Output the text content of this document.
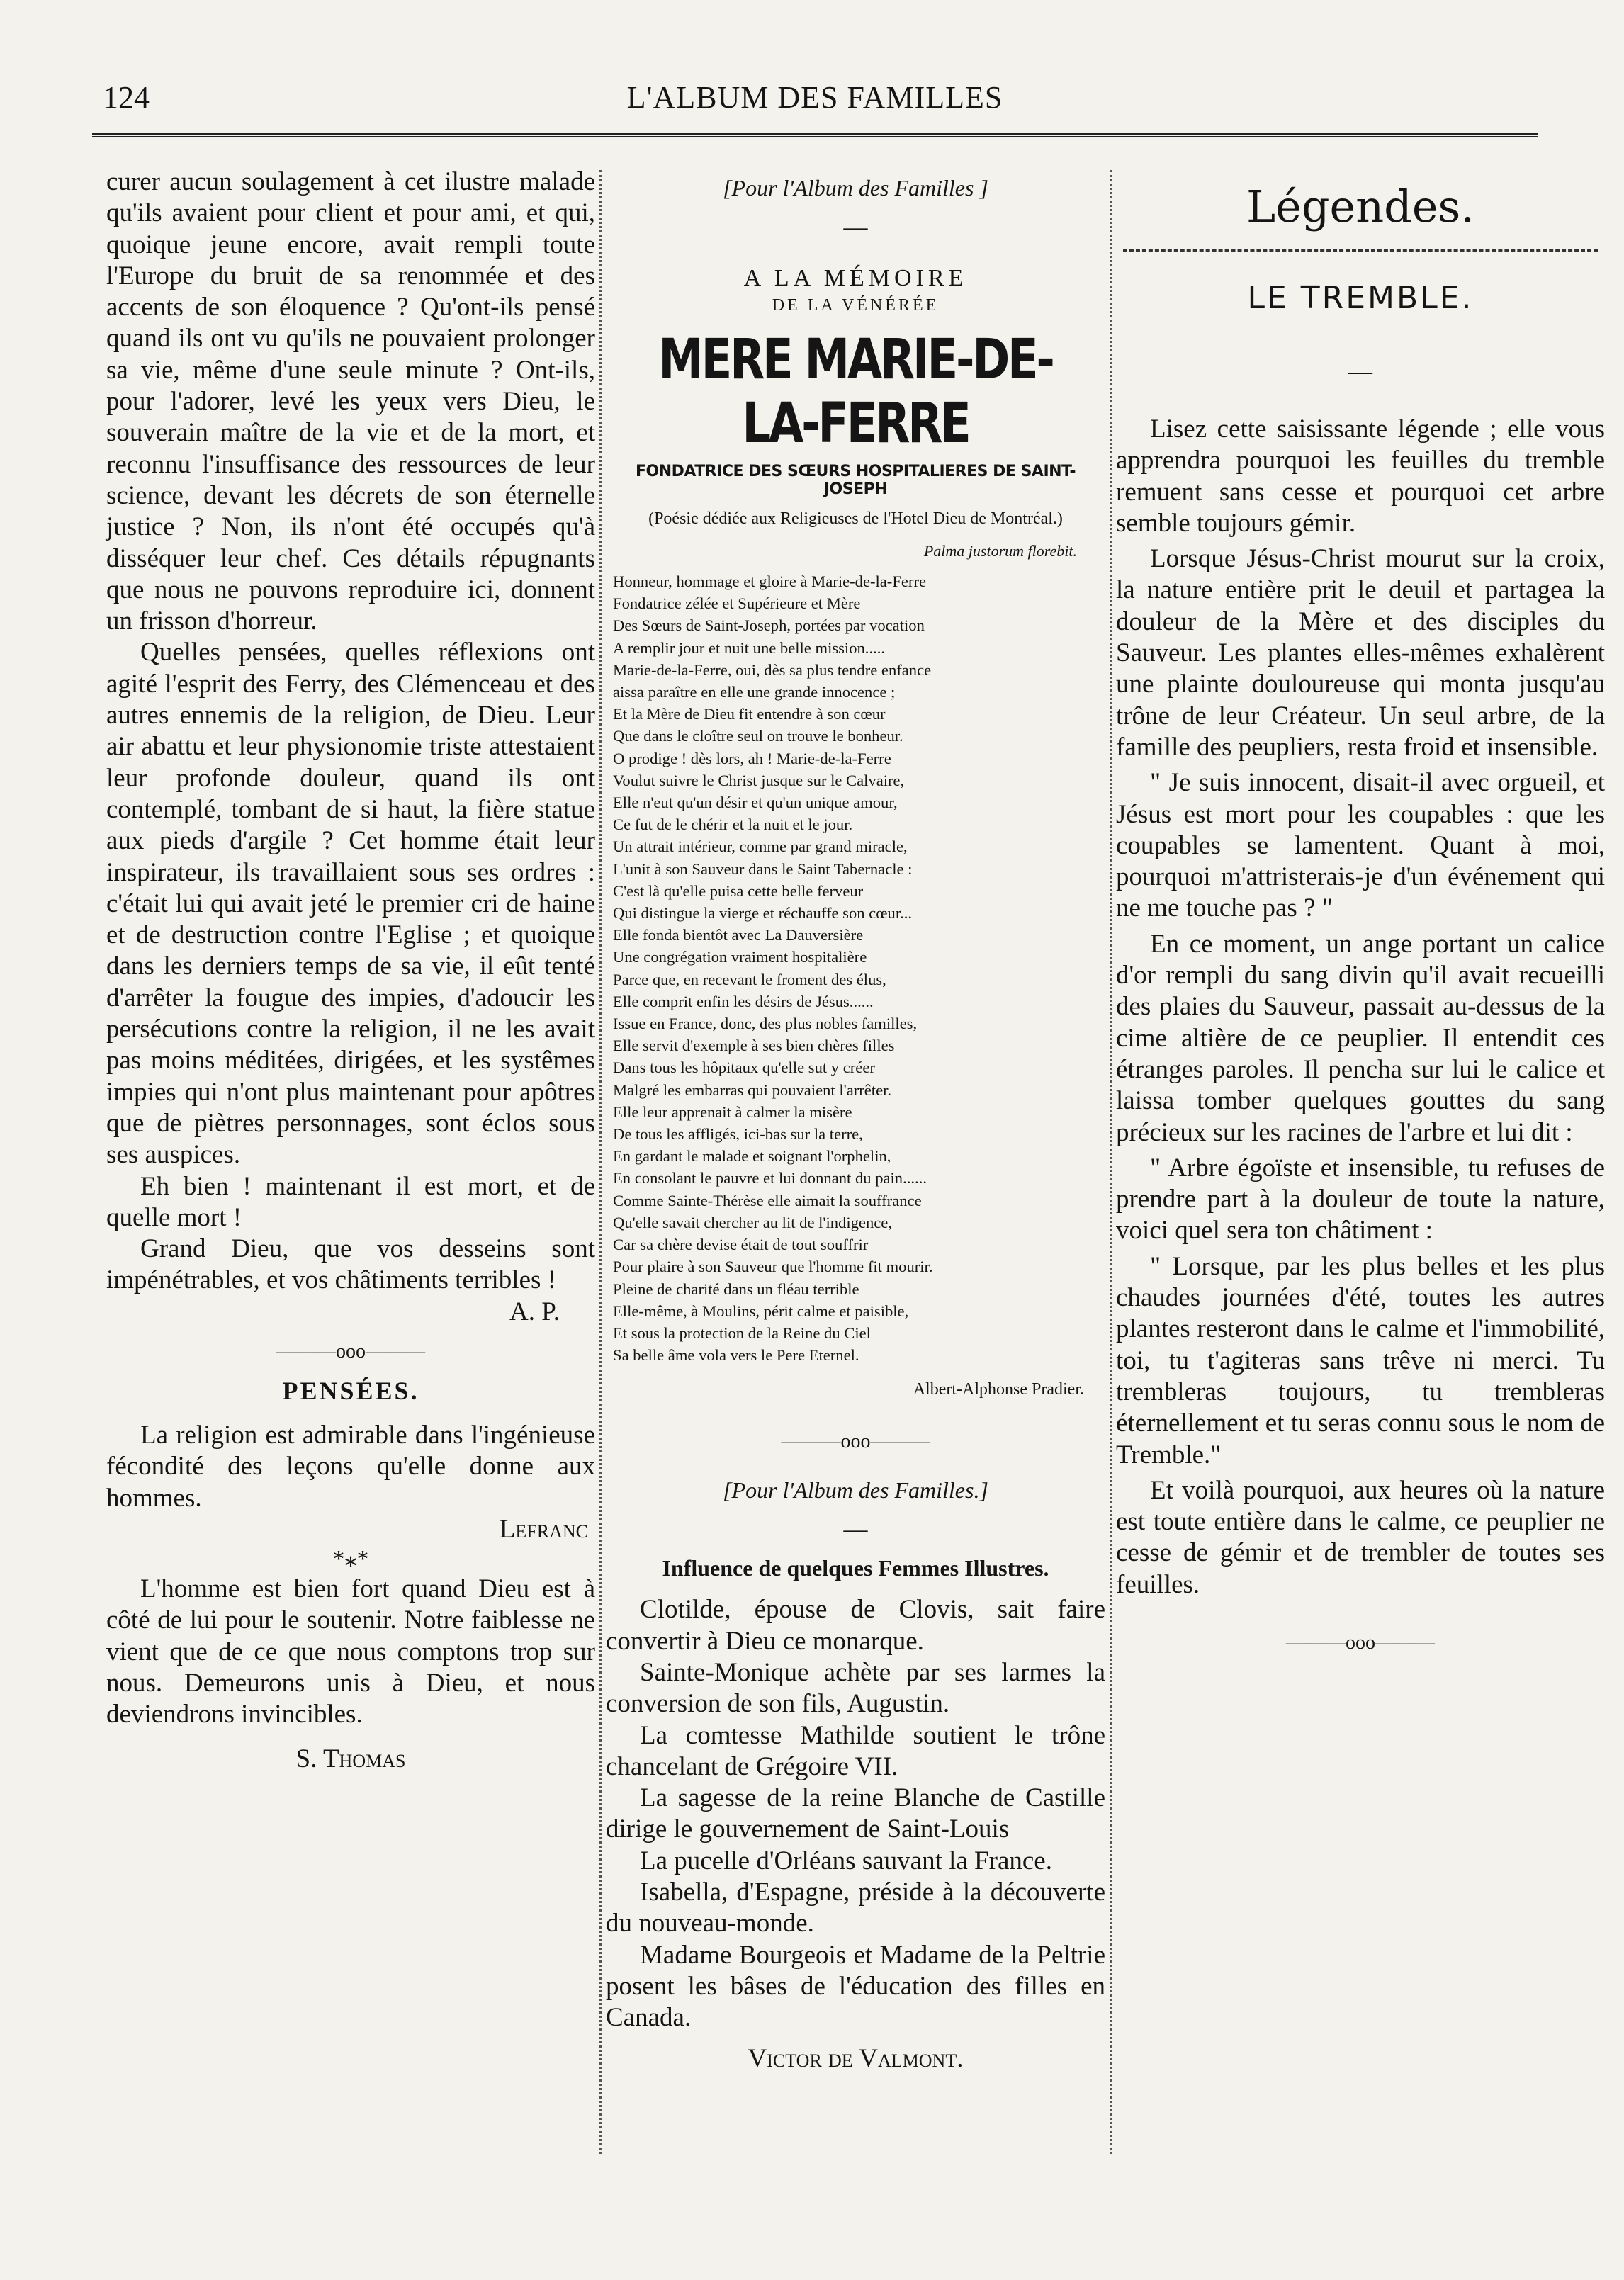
124	L'ALBUM DES FAMILLES

curer aucun soulagement à cet ilustre malade qu'ils avaient pour client et pour ami, et qui, quoique jeune encore, avait rempli toute l'Europe du bruit de sa renommée et des accents de son éloquence ? Qu'ont-ils pensé quand ils ont vu qu'ils ne pouvaient prolonger sa vie, même d'une seule minute ? Ont-ils, pour l'adorer, levé les yeux vers Dieu, le souverain maître de la vie et de la mort, et reconnu l'insuffisance des ressources de leur science, devant les décrets de son éternelle justice ? Non, ils n'ont été occupés qu'à disséquer leur chef. Ces détails répugnants que nous ne pouvons reproduire ici, donnent un frisson d'horreur.

Quelles pensées, quelles réflexions ont agité l'esprit des Ferry, des Clémenceau et des autres ennemis de la religion, de Dieu. Leur air abattu et leur physionomie triste attestaient leur profonde douleur, quand ils ont contemplé, tombant de si haut, la fière statue aux pieds d'argile ? Cet homme était leur inspirateur, ils travaillaient sous ses ordres : c'était lui qui avait jeté le premier cri de haine et de destruction contre l'Eglise ; et quoique dans les derniers temps de sa vie, il eût tenté d'arrêter la fougue des impies, d'adoucir les persécutions contre la religion, il ne les avait pas moins méditées, dirigées, et les systêmes impies qui n'ont plus maintenant pour apôtres que de piètres personnages, sont éclos sous ses auspices.

Eh bien ! maintenant il est mort, et de quelle mort !

Grand Dieu, que vos desseins sont impénétrables, et vos châtiments terribles !

A. P.

———ooo———
PENSÉES.

La religion est admirable dans l'ingénieuse fécondité des leçons qu'elle donne aux hommes.

Lefranc

*⁎*

L'homme est bien fort quand Dieu est à côté de lui pour le soutenir. Notre faiblesse ne vient que de ce que nous comptons trop sur nous. Demeurons unis à Dieu, et nous deviendrons invincibles.

S. Thomas

[Pour l'Album des Familles ]
—
A LA MÉMOIRE
DE LA VÉNÉRÉE
MERE MARIE-DE-LA-FERRE
FONDATRICE DES SŒURS HOSPITALIERES DE SAINT-JOSEPH
(Poésie dédiée aux Religieuses de l'Hotel Dieu de Montréal.)
Palma justorum florebit.
Honneur, hommage et gloire à Marie-de-la-Ferre
Fondatrice zélée et Supérieure et Mère
Des Sœurs de Saint-Joseph, portées par vocation
A remplir jour et nuit une belle mission.....
Marie-de-la-Ferre, oui, dès sa plus tendre enfance
aissa paraître en elle une grande innocence ;
Et la Mère de Dieu fit entendre à son cœur
Que dans le cloître seul on trouve le bonheur.
O prodige ! dès lors, ah ! Marie-de-la-Ferre
Voulut suivre le Christ jusque sur le Calvaire,
Elle n'eut qu'un désir et qu'un unique amour,
Ce fut de le chérir et la nuit et le jour.
Un attrait intérieur, comme par grand miracle,
L'unit à son Sauveur dans le Saint Tabernacle :
C'est là qu'elle puisa cette belle ferveur
Qui distingue la vierge et réchauffe son cœur...
Elle fonda bientôt avec La Dauversière
Une congrégation vraiment hospitalière
Parce que, en recevant le froment des élus,
Elle comprit enfin les désirs de Jésus......
Issue en France, donc, des plus nobles familles,
Elle servit d'exemple à ses bien chères filles
Dans tous les hôpitaux qu'elle sut y créer
Malgré les embarras qui pouvaient l'arrêter.
Elle leur apprenait à calmer la misère
De tous les affligés, ici-bas sur la terre,
En gardant le malade et soignant l'orphelin,
En consolant le pauvre et lui donnant du pain......
Comme Sainte-Thérèse elle aimait la souffrance
Qu'elle savait chercher au lit de l'indigence,
Car sa chère devise était de tout souffrir
Pour plaire à son Sauveur que l'homme fit mourir.
Pleine de charité dans un fléau terrible
Elle-même, à Moulins, périt calme et paisible,
Et sous la protection de la Reine du Ciel
Sa belle âme vola vers le Pere Eternel.
Albert-Alphonse Pradier.
———ooo———
[Pour l'Album des Familles.]
—
Influence de quelques Femmes Illustres.

Clotilde, épouse de Clovis, sait faire convertir à Dieu ce monarque.

Sainte-Monique achète par ses larmes la conversion de son fils, Augustin.

La comtesse Mathilde soutient le trône chancelant de Grégoire VII.

La sagesse de la reine Blanche de Castille dirige le gouvernement de Saint-Louis

La pucelle d'Orléans sauvant la France.

Isabella, d'Espagne, préside à la découverte du nouveau-monde.

Madame Bourgeois et Madame de la Peltrie posent les bâses de l'éducation des filles en Canada.

Victor de Valmont.

Légendes.
LE TREMBLE.
—

Lisez cette saisissante légende ; elle vous apprendra pourquoi les feuilles du tremble remuent sans cesse et pourquoi cet arbre semble toujours gémir.

Lorsque Jésus-Christ mourut sur la croix, la nature entière prit le deuil et partagea la douleur de la Mère et des disciples du Sauveur. Les plantes elles-mêmes exhalèrent une plainte douloureuse qui monta jusqu'au trône de leur Créateur. Un seul arbre, de la famille des peupliers, resta froid et insensible.

" Je suis innocent, disait-il avec orgueil, et Jésus est mort pour les coupables : que les coupables se lamentent. Quant à moi, pourquoi m'attristerais-je d'un événement qui ne me touche pas ? "

En ce moment, un ange portant un calice d'or rempli du sang divin qu'il avait recueilli des plaies du Sauveur, passait au-dessus de la cime altière de ce peuplier. Il entendit ces étranges paroles. Il pencha sur lui le calice et laissa tomber quelques gouttes du sang précieux sur les racines de l'arbre et lui dit :

" Arbre égoïste et insensible, tu refuses de prendre part à la douleur de toute la nature, voici quel sera ton châtiment :

" Lorsque, par les plus belles et les plus chaudes journées d'été, toutes les autres plantes resteront dans le calme et l'immobilité, toi, tu t'agiteras sans trêve ni merci. Tu trembleras toujours, tu trembleras éternellement et tu seras connu sous le nom de Tremble."

Et voilà pourquoi, aux heures où la nature est toute entière dans le calme, ce peuplier ne cesse de gémir et de trembler de toutes ses feuilles.

———ooo———
